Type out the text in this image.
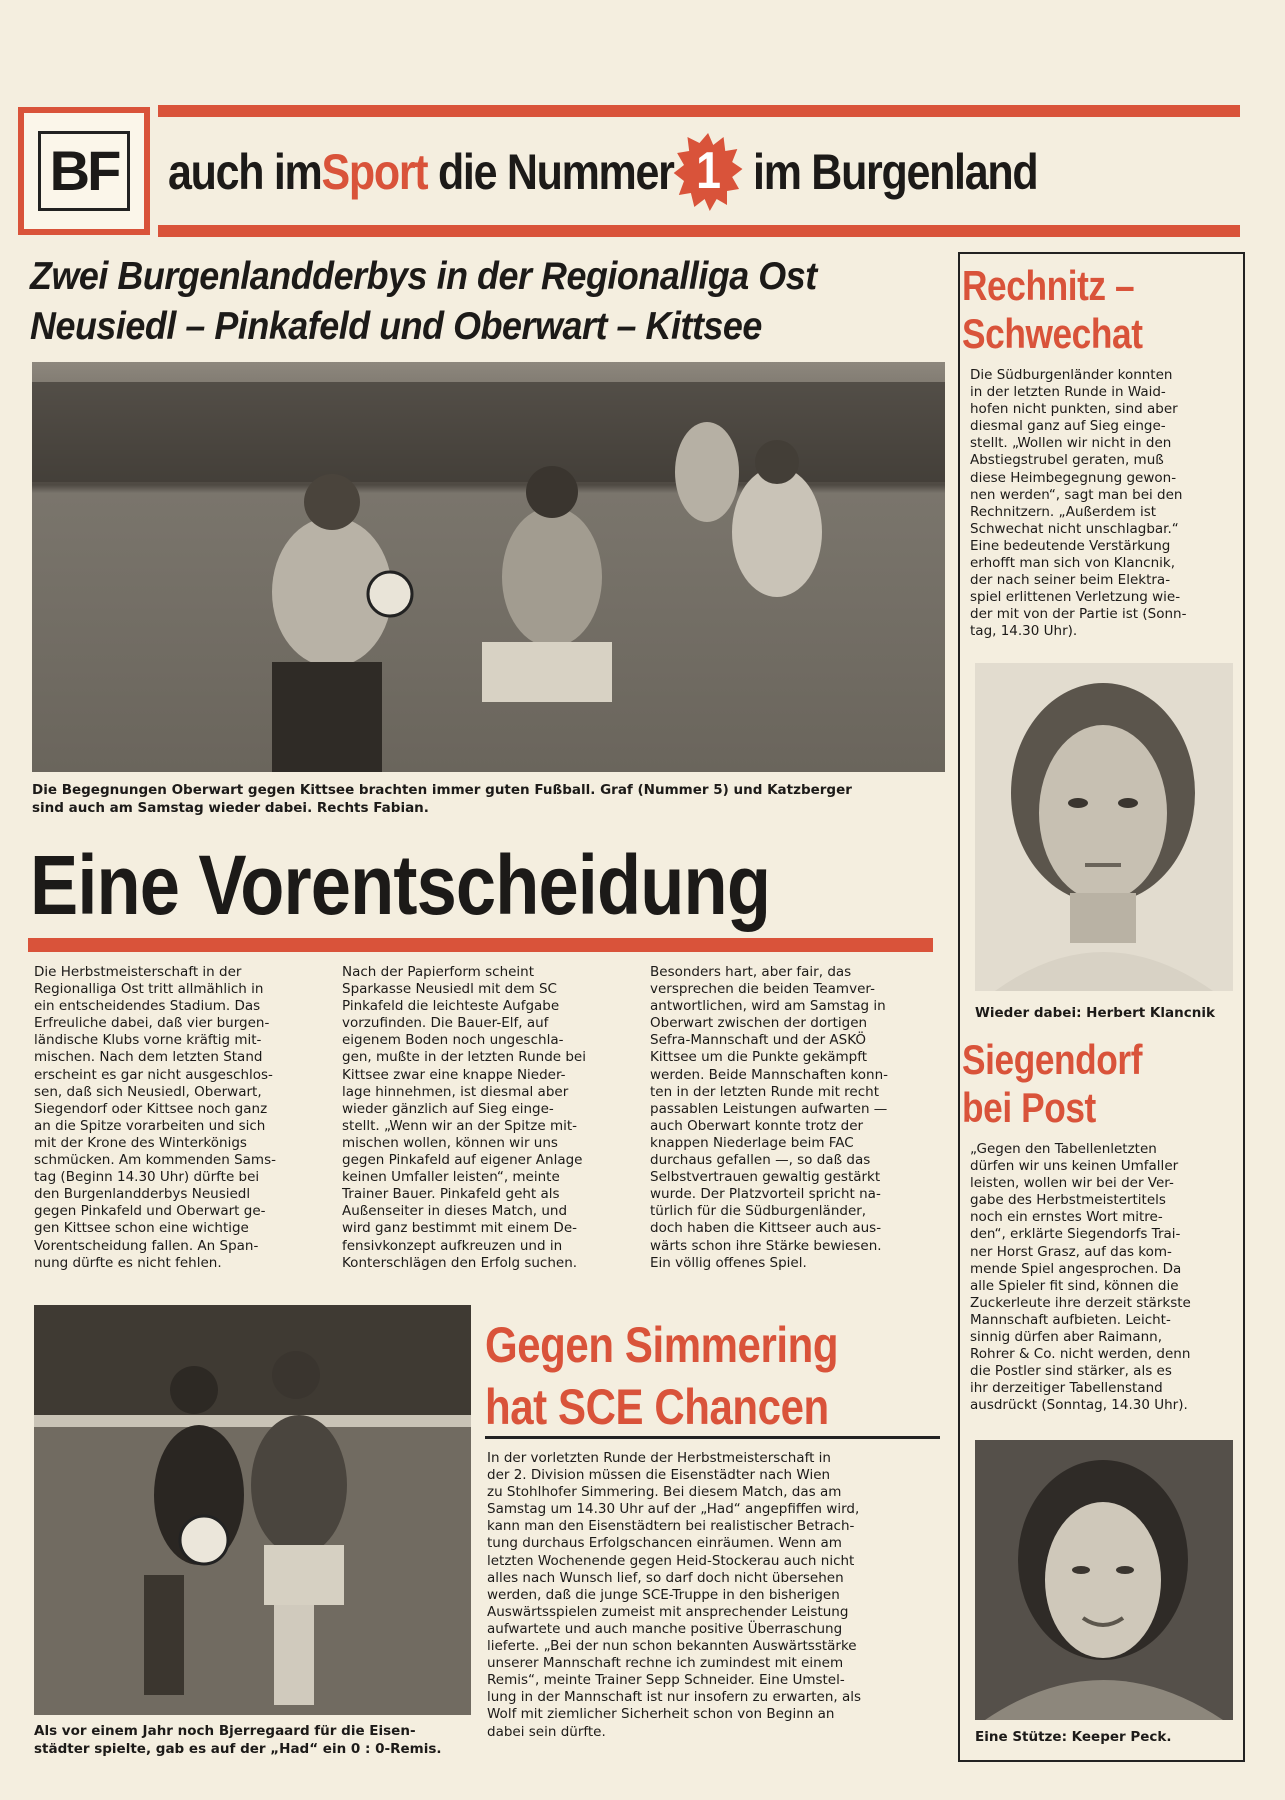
BF auch imSport die Nummer 1 im Burgenland
Zwei Burgenlandderbys in der Regionalliga Ost
Neusiedl – Pinkafeld und Oberwart – Kittsee
Die Begegnungen Oberwart gegen Kittsee brachten immer guten Fußball. Graf (Nummer 5) und Katzberger
sind auch am Samstag wieder dabei. Rechts Fabian.
Eine Vorentscheidung
Die Herbstmeisterschaft in der
Regionalliga Ost tritt allmählich in
ein entscheidendes Stadium. Das
Erfreuliche dabei, daß vier burgen-
ländische Klubs vorne kräftig mit-
mischen. Nach dem letzten Stand
erscheint es gar nicht ausgeschlos-
sen, daß sich Neusiedl, Oberwart,
Siegendorf oder Kittsee noch ganz
an die Spitze vorarbeiten und sich
mit der Krone des Winterkönigs
schmücken. Am kommenden Sams-
tag (Beginn 14.30 Uhr) dürfte bei
den Burgenlandderbys Neusiedl
gegen Pinkafeld und Oberwart ge-
gen Kittsee schon eine wichtige
Vorentscheidung fallen. An Span-
nung dürfte es nicht fehlen.
Nach der Papierform scheint
Sparkasse Neusiedl mit dem SC
Pinkafeld die leichteste Aufgabe
vorzufinden. Die Bauer-Elf, auf
eigenem Boden noch ungeschla-
gen, mußte in der letzten Runde bei
Kittsee zwar eine knappe Nieder-
lage hinnehmen, ist diesmal aber
wieder gänzlich auf Sieg einge-
stellt. „Wenn wir an der Spitze mit-
mischen wollen, können wir uns
gegen Pinkafeld auf eigener Anlage
keinen Umfaller leisten“, meinte
Trainer Bauer. Pinkafeld geht als
Außenseiter in dieses Match, und
wird ganz bestimmt mit einem De-
fensivkonzept aufkreuzen und in
Konterschlägen den Erfolg suchen.
Besonders hart, aber fair, das
versprechen die beiden Teamver-
antwortlichen, wird am Samstag in
Oberwart zwischen der dortigen
Sefra-Mannschaft und der ASKÖ
Kittsee um die Punkte gekämpft
werden. Beide Mannschaften konn-
ten in der letzten Runde mit recht
passablen Leistungen aufwarten —
auch Oberwart konnte trotz der
knappen Niederlage beim FAC
durchaus gefallen —, so daß das
Selbstvertrauen gewaltig gestärkt
wurde. Der Platzvorteil spricht na-
türlich für die Südburgenländer,
doch haben die Kittseer auch aus-
wärts schon ihre Stärke bewiesen.
Ein völlig offenes Spiel.
Als vor einem Jahr noch Bjerregaard für die Eisen-
städter spielte, gab es auf der „Had“ ein 0 : 0-Remis.
Gegen Simmering
hat SCE Chancen
In der vorletzten Runde der Herbstmeisterschaft in
der 2. Division müssen die Eisenstädter nach Wien
zu Stohlhofer Simmering. Bei diesem Match, das am
Samstag um 14.30 Uhr auf der „Had“ angepfiffen wird,
kann man den Eisenstädtern bei realistischer Betrach-
tung durchaus Erfolgschancen einräumen. Wenn am
letzten Wochenende gegen Heid-Stockerau auch nicht
alles nach Wunsch lief, so darf doch nicht übersehen
werden, daß die junge SCE-Truppe in den bisherigen
Auswärtsspielen zumeist mit ansprechender Leistung
aufwartete und auch manche positive Überraschung
lieferte. „Bei der nun schon bekannten Auswärtsstärke
unserer Mannschaft rechne ich zumindest mit einem
Remis“, meinte Trainer Sepp Schneider. Eine Umstel-
lung in der Mannschaft ist nur insofern zu erwarten, als
Wolf mit ziemlicher Sicherheit schon von Beginn an
dabei sein dürfte.
Rechnitz –
Schwechat
Die Südburgenländer konnten
in der letzten Runde in Waid-
hofen nicht punkten, sind aber
diesmal ganz auf Sieg einge-
stellt. „Wollen wir nicht in den
Abstiegstrubel geraten, muß
diese Heimbegegnung gewon-
nen werden“, sagt man bei den
Rechnitzern. „Außerdem ist
Schwechat nicht unschlagbar.“
Eine bedeutende Verstärkung
erhofft man sich von Klancnik,
der nach seiner beim Elektra-
spiel erlittenen Verletzung wie-
der mit von der Partie ist (Sonn-
tag, 14.30 Uhr).
Wieder dabei: Herbert Klancnik
Siegendorf
bei Post
„Gegen den Tabellenletzten
dürfen wir uns keinen Umfaller
leisten, wollen wir bei der Ver-
gabe des Herbstmeistertitels
noch ein ernstes Wort mitre-
den“, erklärte Siegendorfs Trai-
ner Horst Grasz, auf das kom-
mende Spiel angesprochen. Da
alle Spieler fit sind, können die
Zuckerleute ihre derzeit stärkste
Mannschaft aufbieten. Leicht-
sinnig dürfen aber Raimann,
Rohrer & Co. nicht werden, denn
die Postler sind stärker, als es
ihr derzeitiger Tabellenstand
ausdrückt (Sonntag, 14.30 Uhr).
Eine Stütze: Keeper Peck.
